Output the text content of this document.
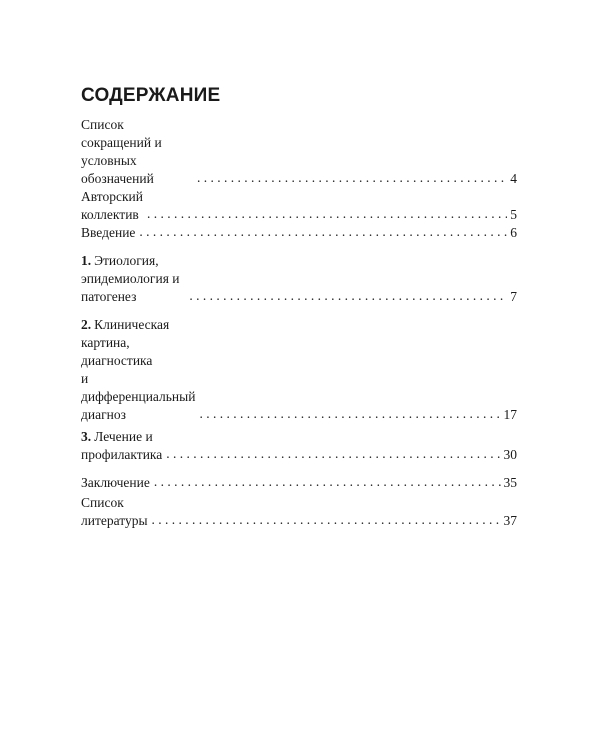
СОДЕРЖАНИЕ
Список сокращений и условных обозначений . . .	4
Авторский коллектив . . .	5
Введение . . .	6
1. Этиология, эпидемиология и патогенез . . .	7
2. Клиническая картина, диагностика
и дифференциальный диагноз . . .	17
3. Лечение и профилактика . . .	30
Заключение . . .	35
Список литературы . . .	37
